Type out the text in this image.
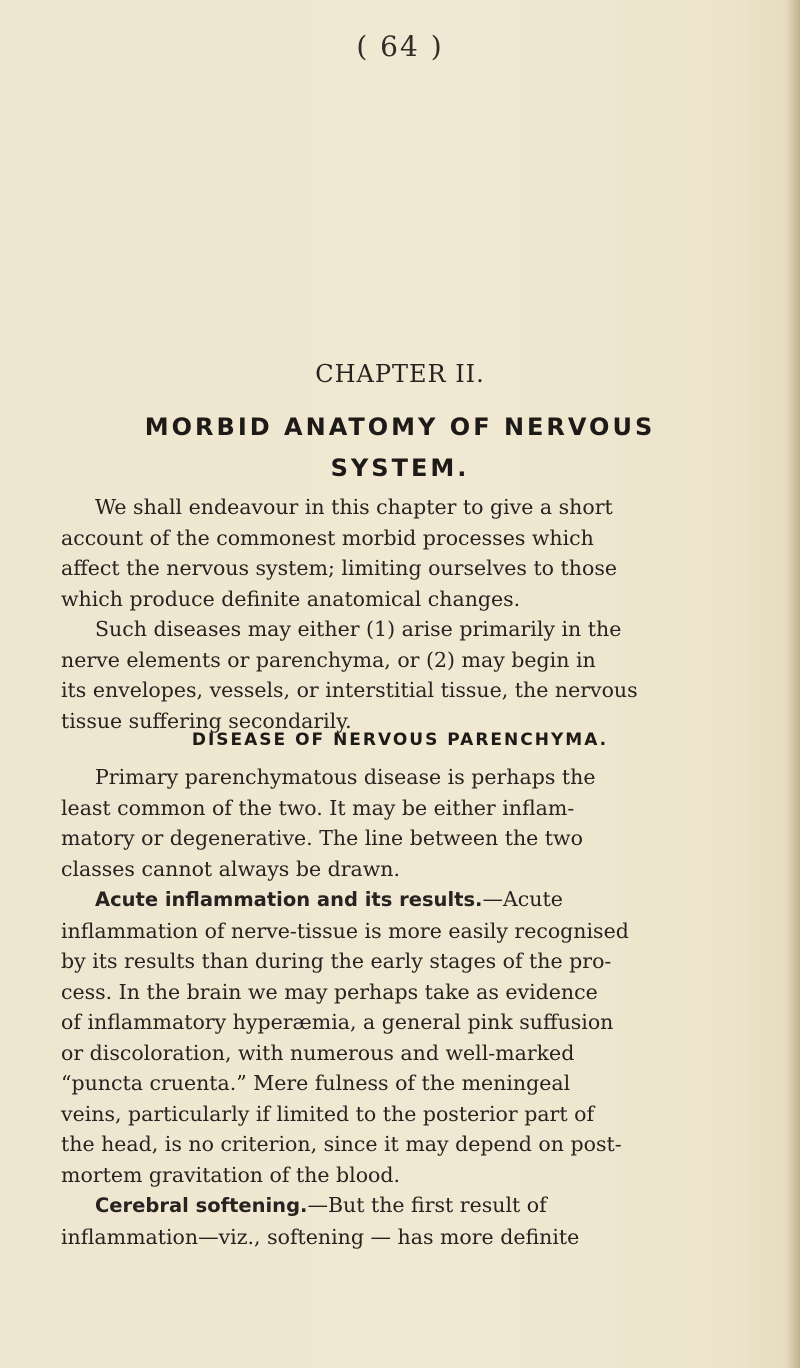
( 64 )
CHAPTER II.
MORBID ANATOMY OF NERVOUS
SYSTEM.
We shall endeavour in this chapter to give a short
account of the commonest morbid processes which
affect the nervous system; limiting ourselves to those
which produce definite anatomical changes.
Such diseases may either (1) arise primarily in the
nerve elements or parenchyma, or (2) may begin in
its envelopes, vessels, or interstitial tissue, the nervous
tissue suffering secondarily.
DISEASE OF NERVOUS PARENCHYMA.
Primary parenchymatous disease is perhaps the
least common of the two. It may be either inflam-
matory or degenerative. The line between the two
classes cannot always be drawn.
Acute inflammation and its results.—Acute
inflammation of nerve-tissue is more easily recognised
by its results than during the early stages of the pro-
cess. In the brain we may perhaps take as evidence
of inflammatory hyperæmia, a general pink suffusion
or discoloration, with numerous and well-marked
“puncta cruenta.” Mere fulness of the meningeal
veins, particularly if limited to the posterior part of
the head, is no criterion, since it may depend on post-
mortem gravitation of the blood.
Cerebral softening.—But the first result of
inflammation—viz., softening — has more definite
